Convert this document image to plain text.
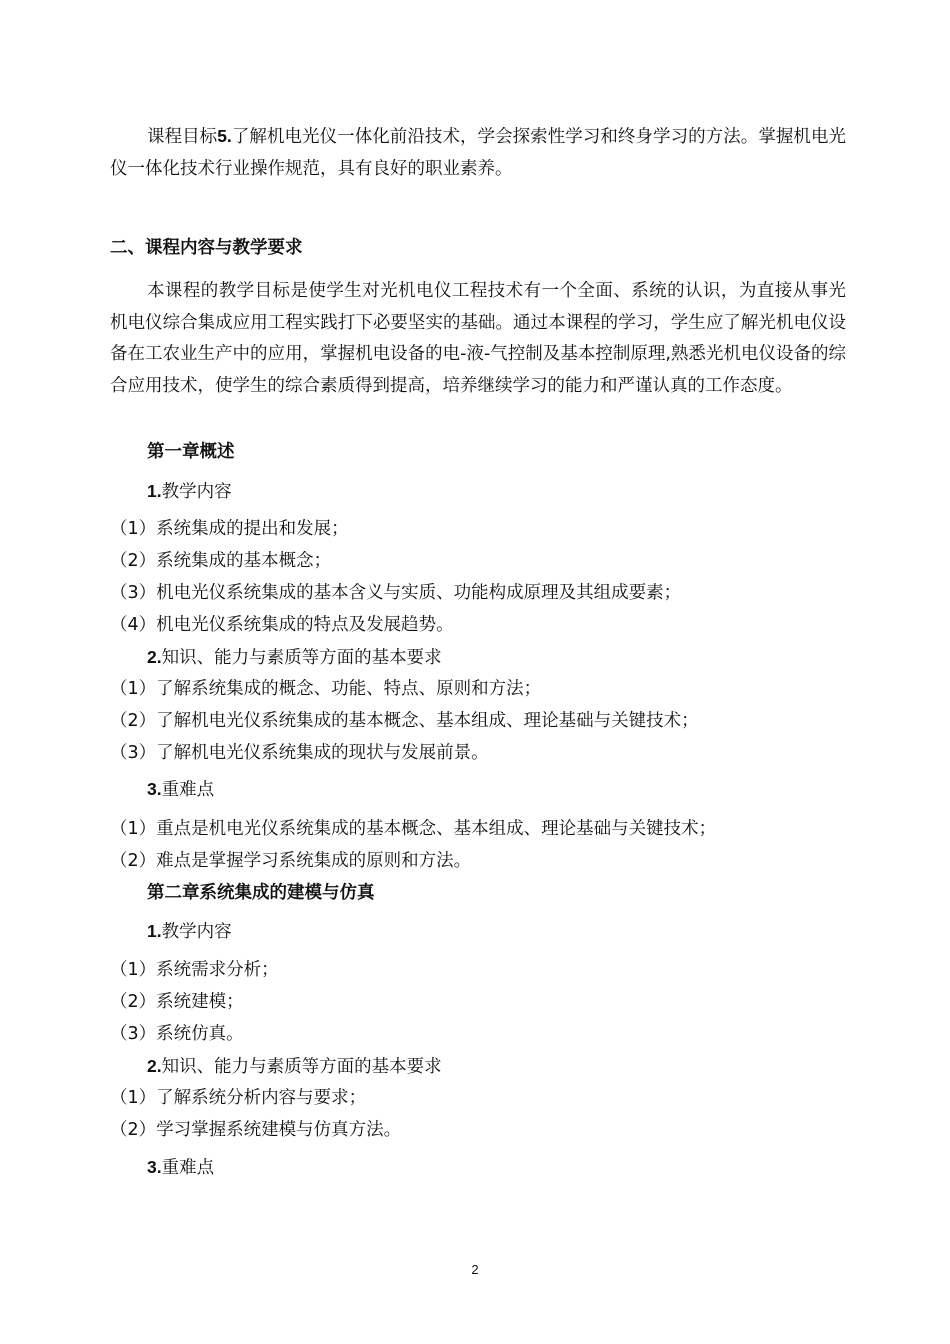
课程目标5.了解机电光仪一体化前沿技术，学会探索性学习和终身学习的方法。掌握机电光仪一体化技术行业操作规范，具有良好的职业素养。
二、课程内容与教学要求
本课程的教学目标是使学生对光机电仪工程技术有一个全面、系统的认识，为直接从事光机电仪综合集成应用工程实践打下必要坚实的基础。通过本课程的学习，学生应了解光机电仪设备在工农业生产中的应用，掌握机电设备的电-液-气控制及基本控制原理,熟悉光机电仪设备的综合应用技术，使学生的综合素质得到提高，培养继续学习的能力和严谨认真的工作态度。
第一章概述
1.教学内容
（1）系统集成的提出和发展；
（2）系统集成的基本概念；
（3）机电光仪系统集成的基本含义与实质、功能构成原理及其组成要素；
（4）机电光仪系统集成的特点及发展趋势。
2.知识、能力与素质等方面的基本要求
（1）了解系统集成的概念、功能、特点、原则和方法；
（2）了解机电光仪系统集成的基本概念、基本组成、理论基础与关键技术；
（3）了解机电光仪系统集成的现状与发展前景。
3.重难点
（1）重点是机电光仪系统集成的基本概念、基本组成、理论基础与关键技术；
（2）难点是掌握学习系统集成的原则和方法。
第二章系统集成的建模与仿真
1.教学内容
（1）系统需求分析；
（2）系统建模；
（3）系统仿真。
2.知识、能力与素质等方面的基本要求
（1）了解系统分析内容与要求；
（2）学习掌握系统建模与仿真方法。
3.重难点
2
